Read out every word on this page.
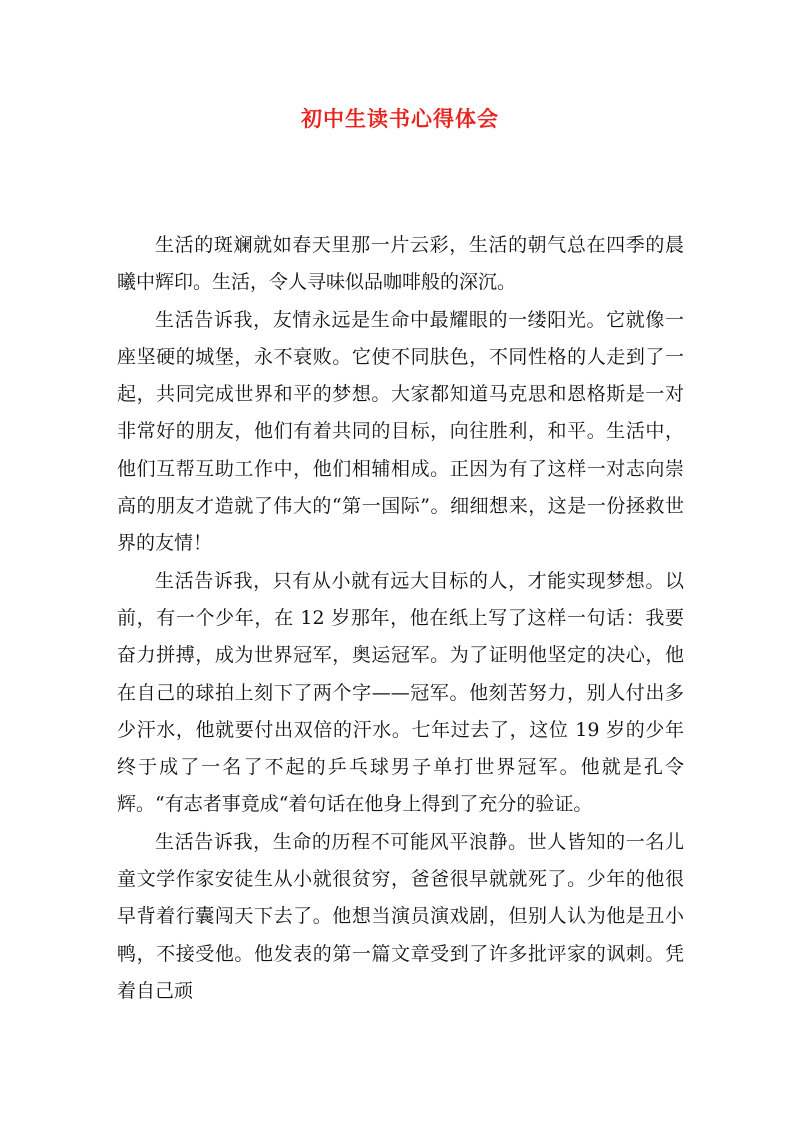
初中生读书心得体会

生活的斑斓就如春天里那一片云彩，生活的朝气总在四季的晨曦中辉印。生活，令人寻味似品咖啡般的深沉。

生活告诉我，友情永远是生命中最耀眼的一缕阳光。它就像一座坚硬的城堡，永不衰败。它使不同肤色，不同性格的人走到了一起，共同完成世界和平的梦想。大家都知道马克思和恩格斯是一对非常好的朋友，他们有着共同的目标，向往胜利，和平。生活中，他们互帮互助工作中，他们相辅相成。正因为有了这样一对志向崇高的朋友才造就了伟大的“第一国际”。细细想来，这是一份拯救世界的友情！

生活告诉我，只有从小就有远大目标的人，才能实现梦想。以前，有一个少年，在 12 岁那年，他在纸上写了这样一句话：我要奋力拼搏，成为世界冠军，奥运冠军。为了证明他坚定的决心，他在自己的球拍上刻下了两个字——冠军。他刻苦努力，别人付出多少汗水，他就要付出双倍的汗水。七年过去了，这位 19 岁的少年终于成了一名了不起的乒乓球男子单打世界冠军。他就是孔令辉。“有志者事竟成“着句话在他身上得到了充分的验证。

生活告诉我，生命的历程不可能风平浪静。世人皆知的一名儿童文学作家安徒生从小就很贫穷，爸爸很早就就死了。少年的他很早背着行囊闯天下去了。他想当演员演戏剧，但别人认为他是丑小鸭，不接受他。他发表的第一篇文章受到了许多批评家的讽刺。凭着自己顽
